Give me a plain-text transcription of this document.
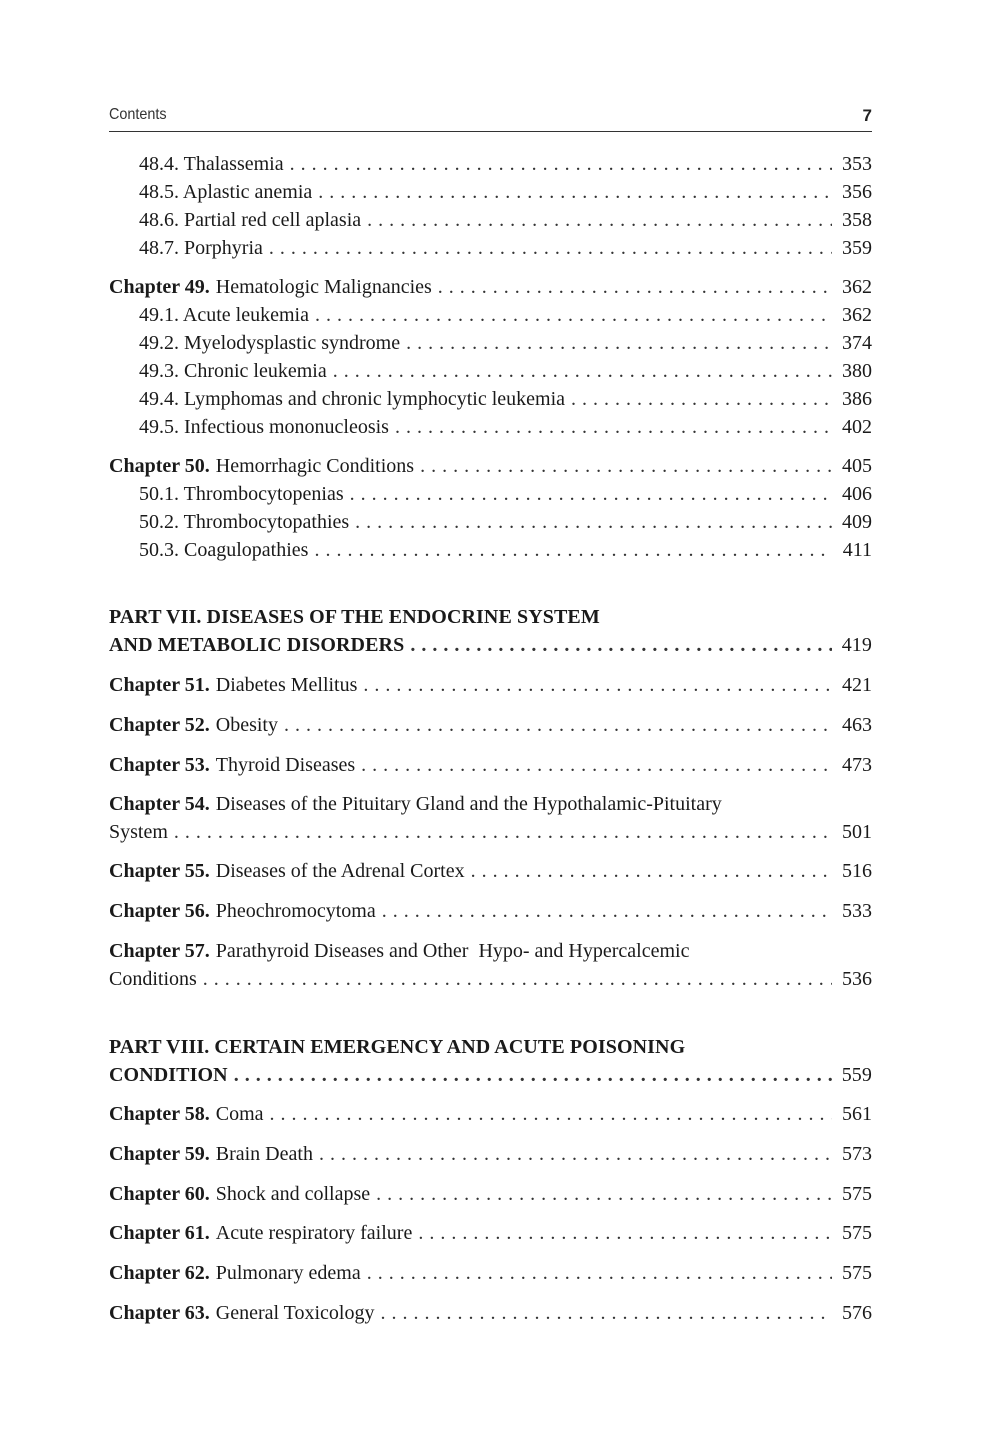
Contents	7
48.4. Thalassemia . . .	353
48.5. Aplastic anemia . . .	356
48.6. Partial red cell aplasia . . .	358
48.7. Porphyria . . .	359
Chapter 49. Hematologic Malignancies . . .	362
49.1. Acute leukemia . . .	362
49.2. Myelodysplastic syndrome . . .	374
49.3. Chronic leukemia . . .	380
49.4. Lymphomas and chronic lymphocytic leukemia . . .	386
49.5. Infectious mononucleosis . . .	402
Chapter 50. Hemorrhagic Conditions . . .	405
50.1. Thrombocytopenias . . .	406
50.2. Thrombocytopathies . . .	409
50.3. Coagulopathies . . .	411
PART VII. DISEASES OF THE ENDOCRINE SYSTEM
AND METABOLIC DISORDERS . . .	419
Chapter 51. Diabetes Mellitus . . .	421
Chapter 52. Obesity . . .	463
Chapter 53. Thyroid Diseases . . .	473
Chapter 54. Diseases of the Pituitary Gland and the Hypothalamic-Pituitary
System . . .	501
Chapter 55. Diseases of the Adrenal Cortex . . .	516
Chapter 56. Pheochromocytoma . . .	533
Chapter 57. Parathyroid Diseases and Other  Hypo- and Hypercalcemic
Conditions . . .	536
PART VIII. CERTAIN EMERGENCY AND ACUTE POISONING
CONDITION . . .	559
Chapter 58. Coma . . .	561
Chapter 59. Brain Death . . .	573
Chapter 60. Shock and collapse . . .	575
Chapter 61. Acute respiratory failure . . .	575
Chapter 62. Pulmonary edema . . .	575
Chapter 63. General Toxicology . . .	576
